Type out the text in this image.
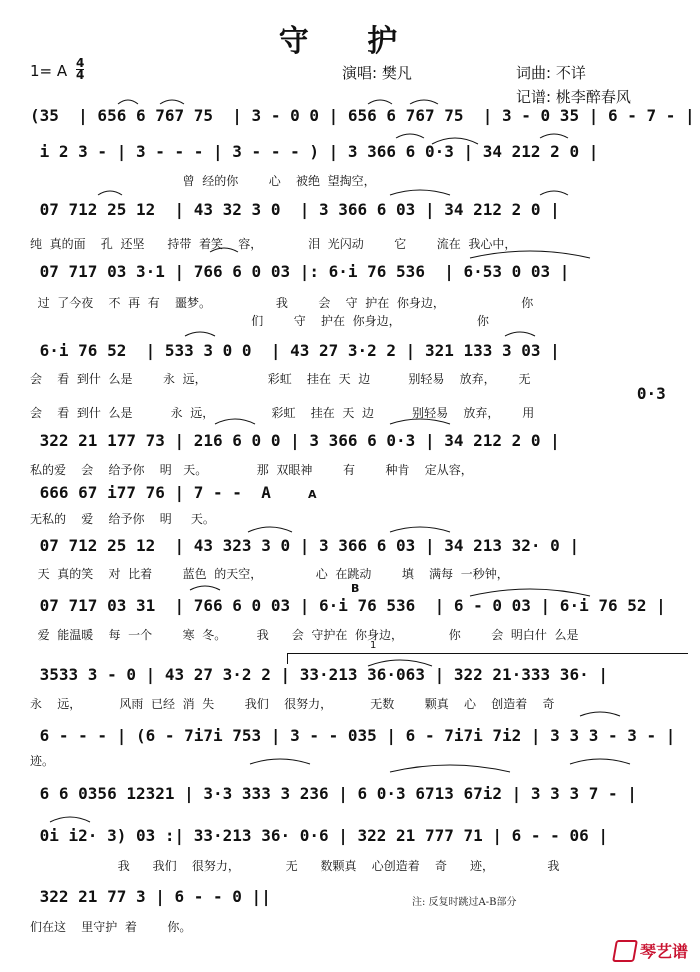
守 护
1= A 4
4	演唱: 樊凡	词曲: 不详
记谱: 桃李醉春风
(35  | 656 6 767 75  | 3 - 0 0 | 656 6 767 75  | 3 - 0 35 | 6 - 7 - |
i 2 3 - | 3 - - - | 3 - - - ) | 3 366 6 0·3 | 34 212 2 0 |
曾  经的你        心    被绝  望掏空，
07 712 25 12  | 43 32 3 0  | 3 366 6 03 | 34 212 2 0 |
纯  真的面    孔  还坚      持带  着笑    容，            泪  光闪动        它        流在  我心中，
07 717 03 3·1 | 766 6 0 03 |: 6·i 76 536  | 6·53 0 03 |
过  了今夜    不  再  有    噩梦。                 我        会    守  护在  你身边，                    你
们        守    护在  你身边，                    你
6·i 76 52  | 533 3 0 0  | 43 27 3·2 2 | 321 133 3 03 |
会    看  到什  么是        永  远，                彩虹    挂在  天  边          别轻易    放弃，      无
0·3
会    看  到什  么是          永  远，               彩虹    挂在  天  边          别轻易    放弃，      用
322 21 177 73 | 216 6 0 0 | 3 366 6 0·3 | 34 212 2 0 |
私的爱    会    给予你    明   天。             那  双眼神        有        种肯    定从容，
666 67 i77 76 | 7 - -  A
无私的    爱    给予你    明     天。
07 712 25 12  | 43 323 3 0 | 3 366 6 03 | 34 213 32· 0 |
天  真的笑    对  比着        蓝色  的天空，              心  在跳动        填    满每  一秒钟，
07 717 03 31  | 766 6 0 03 | 6·i 76 536  | 6 - 0 03 | 6·i 76 52 |
爱  能温暖    每  一个        寒  冬。        我      会  守护在  你身边，            你        会  明白什  么是
3533 3 - 0 | 43 27 3·2 2 | 33·213 36·063 | 322 21·333 36· |
永    远，          风雨  已经  消  失        我们    很努力，          无数        颗真    心    创造着    奇
6 - - - | (6 - 7i7i 753 | 3 - - 035 | 6 - 7i7i 7i2 | 3 3 3 - 3 - |
迹。
6 6 0356 12321 | 3·3 333 3 236 | 6 0·3 6713 67i2 | 3 3 3 7 - |
0i i2· 3) 03 :| 33·213 36· 0·6 | 322 21 777 71 | 6 - - 06 |
我      我们    很努力，            无      数颗真    心创造着    奇      迹，              我
322 21 77 3 | 6 - - 0 ||
们在这    里守护  着        你。
A
B
1
注: 反复时跳过A-B部分
琴艺谱
